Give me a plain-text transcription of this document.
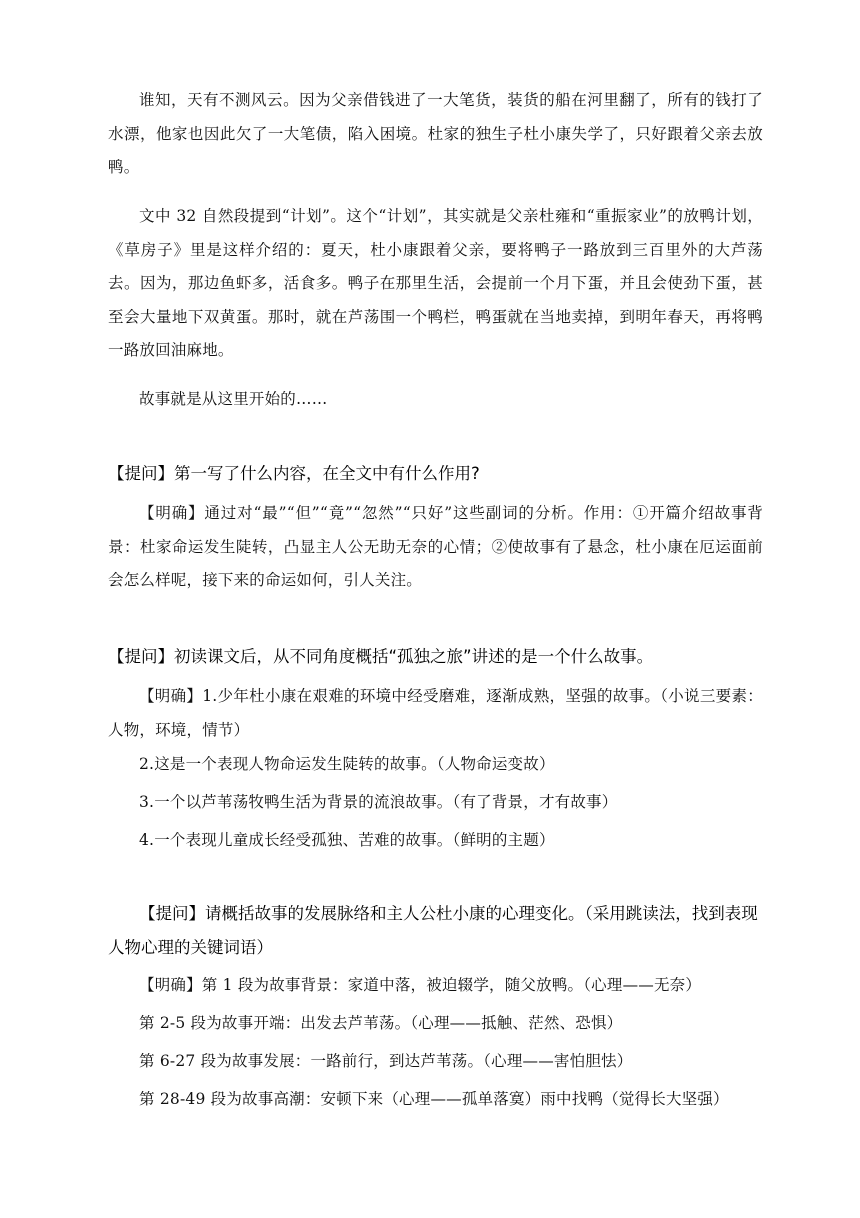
谁知，天有不测风云。因为父亲借钱进了一大笔货，装货的船在河里翻了，所有的钱打了水漂，他家也因此欠了一大笔债，陷入困境。杜家的独生子杜小康失学了，只好跟着父亲去放鸭。

文中 32 自然段提到“计划”。这个“计划”，其实就是父亲杜雍和“重振家业”的放鸭计划，《草房子》里是这样介绍的：夏天，杜小康跟着父亲，要将鸭子一路放到三百里外的大芦荡去。因为，那边鱼虾多，活食多。鸭子在那里生活，会提前一个月下蛋，并且会使劲下蛋，甚至会大量地下双黄蛋。那时，就在芦荡围一个鸭栏，鸭蛋就在当地卖掉，到明年春天，再将鸭一路放回油麻地。

故事就是从这里开始的……

【提问】第一写了什么内容，在全文中有什么作用?

【明确】通过对“最”“但”“竟”“忽然”“只好”这些副词的分析。作用：①开篇介绍故事背景：杜家命运发生陡转，凸显主人公无助无奈的心情；②使故事有了悬念，杜小康在厄运面前会怎么样呢，接下来的命运如何，引人关注。

【提问】初读课文后，从不同角度概括“孤独之旅”讲述的是一个什么故事。

【明确】1.少年杜小康在艰难的环境中经受磨难，逐渐成熟，坚强的故事。（小说三要素：人物，环境，情节）

2.这是一个表现人物命运发生陡转的故事。（人物命运变故）

3.一个以芦苇荡牧鸭生活为背景的流浪故事。（有了背景，才有故事）

4.一个表现儿童成长经受孤独、苦难的故事。（鲜明的主题）

【提问】请概括故事的发展脉络和主人公杜小康的心理变化。（采用跳读法，找到表现人物心理的关键词语）

【明确】第 1 段为故事背景：家道中落，被迫辍学，随父放鸭。（心理——无奈）

第 2-5 段为故事开端：出发去芦苇荡。（心理——抵触、茫然、恐惧）

第 6-27 段为故事发展：一路前行，到达芦苇荡。（心理——害怕胆怯）

第 28-49 段为故事高潮：安顿下来（心理——孤单落寞）雨中找鸭（觉得长大坚强）
